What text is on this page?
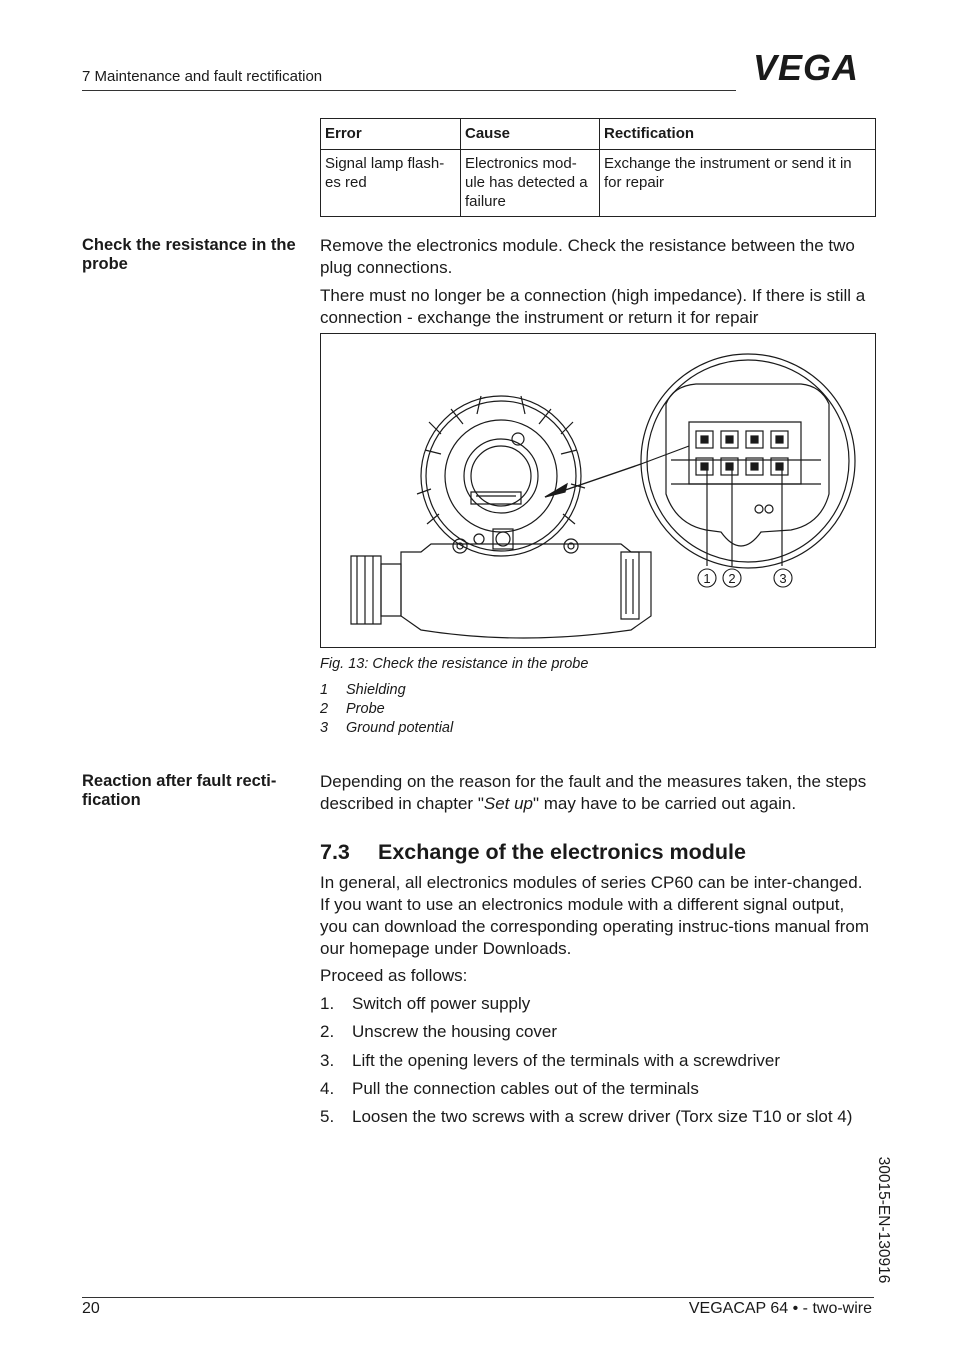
7 Maintenance and fault rectification	VEGA
Error	Cause	Rectification
Signal lamp flash-es red	Electronics mod-ule has detected a failure	Exchange the instrument or send it in for repair
Check the resistance in the probe
Remove the electronics module. Check the resistance between the two plug connections.
There must no longer be a connection (high impedance). If there is still a connection - exchange the instrument or return it for repair
1 2	3
Fig. 13: Check the resistance in the probe
1 Shielding
2 Probe
3 Ground potential
Reaction after fault recti-fication
Depending on the reason for the fault and the measures taken, the steps described in chapter "Set up" may have to be carried out again.
7.3 Exchange of the electronics module
In general, all electronics modules of series CP60 can be inter-changed. If you want to use an electronics module with a different signal output, you can download the corresponding operating instruc-tions manual from our homepage under Downloads.
Proceed as follows:
1. Switch off power supply
2. Unscrew the housing cover
3. Lift the opening levers of the terminals with a screwdriver
4. Pull the connection cables out of the terminals
5. Loosen the two screws with a screw driver (Torx size T10 or slot 4)
30015-EN-130916
20	VEGACAP 64 • - two-wire
